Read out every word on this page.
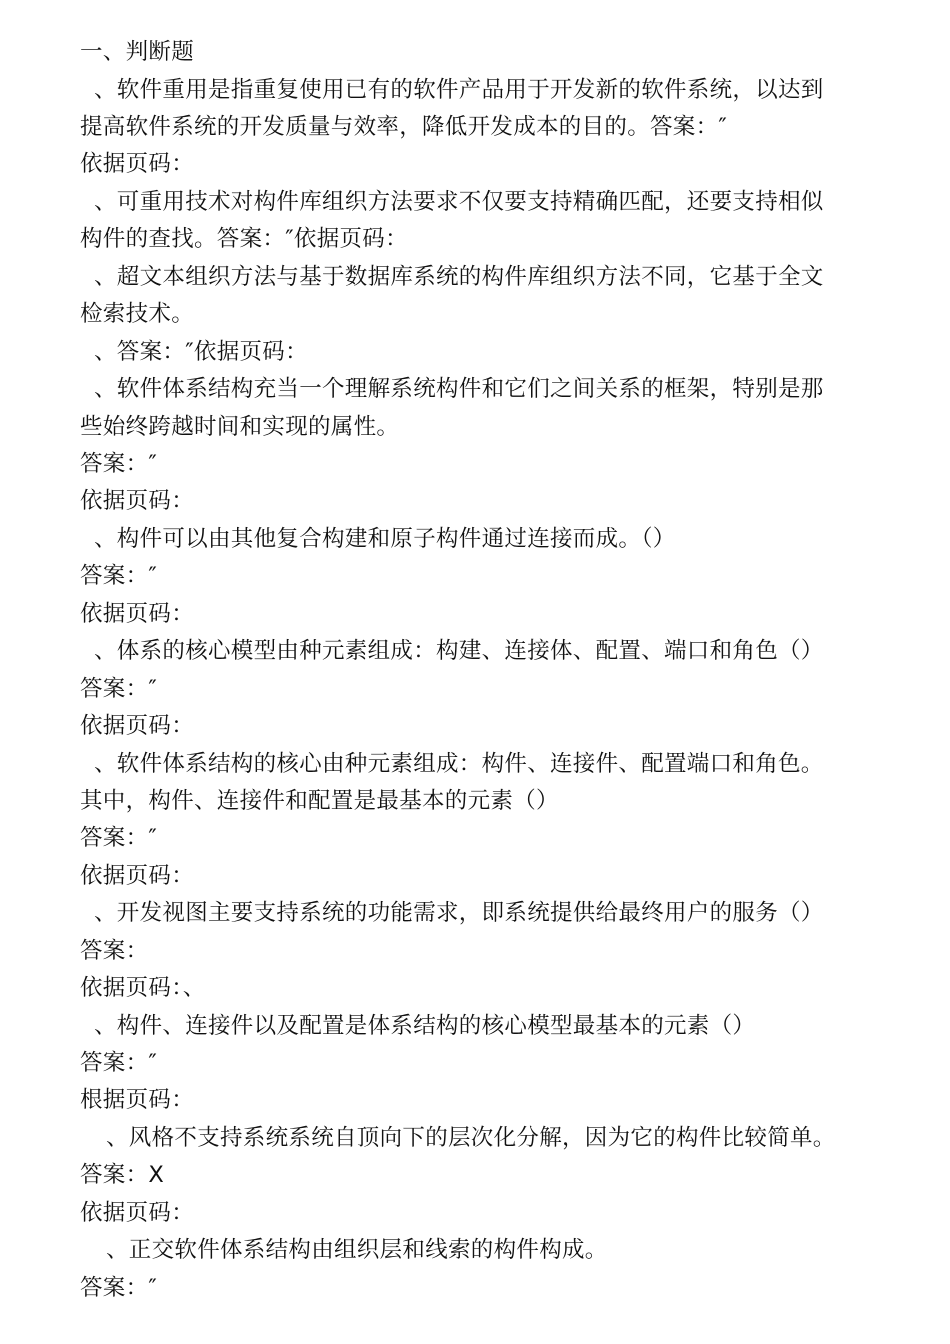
一、判断题
、软件重用是指重复使用已有的软件产品用于开发新的软件系统，以达到
提高软件系统的开发质量与效率，降低开发成本的目的。答案：″
依据页码：
、可重用技术对构件库组织方法要求不仅要支持精确匹配，还要支持相似
构件的查找。答案：″依据页码：
、超文本组织方法与基于数据库系统的构件库组织方法不同，它基于全文
检索技术。
、答案：″依据页码：
、软件体系结构充当一个理解系统构件和它们之间关系的框架，特别是那
些始终跨越时间和实现的属性。
答案：″
依据页码：
、构件可以由其他复合构建和原子构件通过连接而成。（）
答案：″
依据页码：
、体系的核心模型由种元素组成：构建、连接体、配置、端口和角色（）
答案：″
依据页码：
、软件体系结构的核心由种元素组成：构件、连接件、配置端口和角色。
其中，构件、连接件和配置是最基本的元素（）
答案：″
依据页码：
、开发视图主要支持系统的功能需求，即系统提供给最终用户的服务（）
答案：
依据页码：、
、构件、连接件以及配置是体系结构的核心模型最基本的元素（）
答案：″
根据页码：
、风格不支持系统系统自顶向下的层次化分解，因为它的构件比较简单。
答案：X
依据页码：
、正交软件体系结构由组织层和线索的构件构成。
答案：″
